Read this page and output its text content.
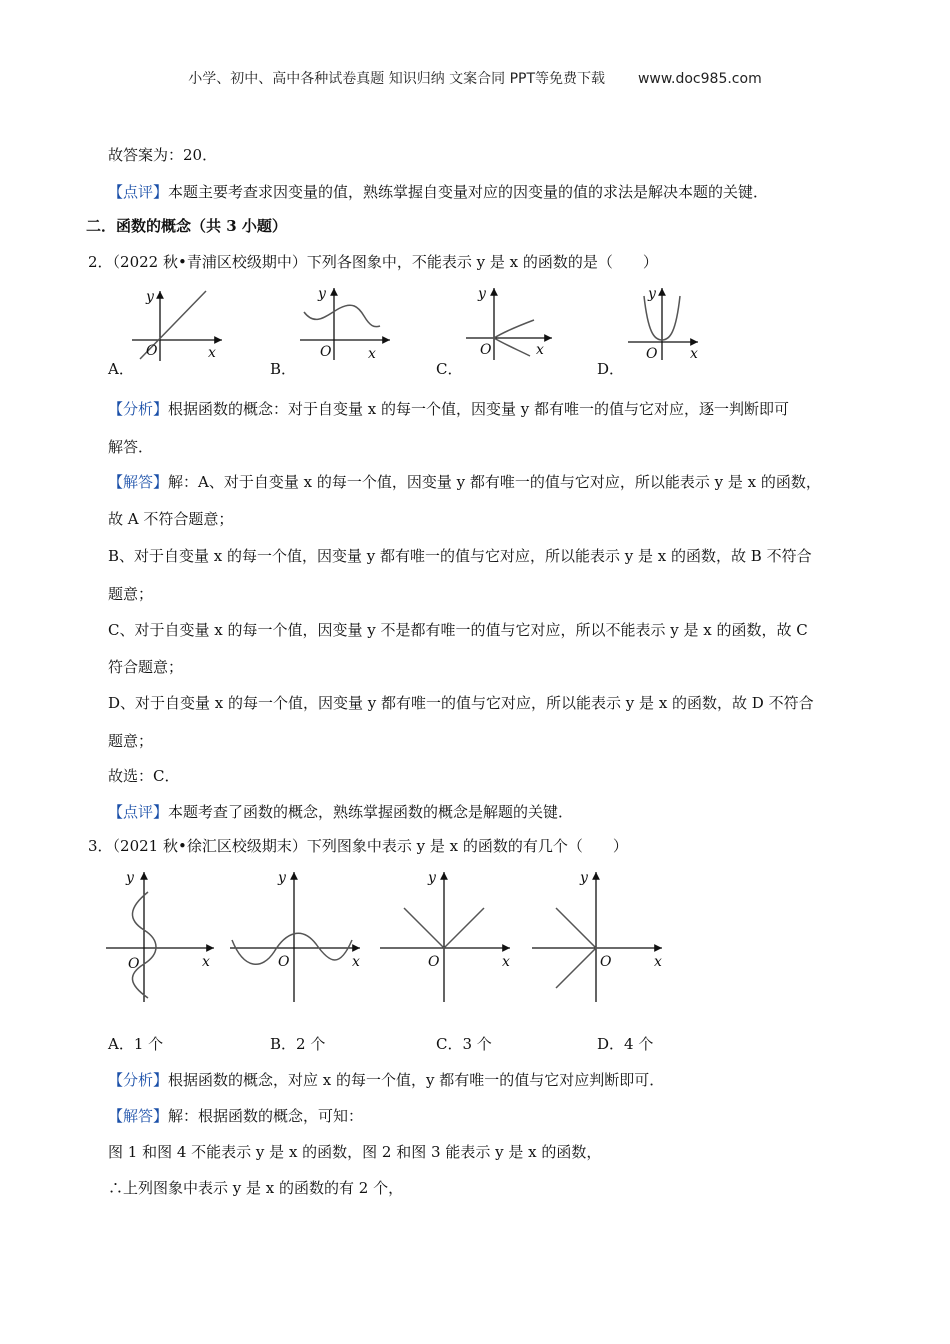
小学、初中、高中各种试卷真题 知识归纳 文案合同 PPT等免费下载 www.doc985.com
故答案为：20．
【点评】本题主要考查求因变量的值，熟练掌握自变量对应的因变量的值的求法是解决本题的关键．
二．函数的概念（共 3 小题）
2．（2022 秋•青浦区校级期中）下列各图象中，不能表示 y 是 x 的函数的是（　　）
y
x
O
A．
y
x
O
B．
y
x
O
C．
y
x
O
D．
【分析】根据函数的概念：对于自变量 x 的每一个值，因变量 y 都有唯一的值与它对应，逐一判断即可
解答．
【解答】解：A、对于自变量 x 的每一个值，因变量 y 都有唯一的值与它对应，所以能表示 y 是 x 的函数，
故 A 不符合题意；
B、对于自变量 x 的每一个值，因变量 y 都有唯一的值与它对应，所以能表示 y 是 x 的函数，故 B 不符合
题意；
C、对于自变量 x 的每一个值，因变量 y 不是都有唯一的值与它对应，所以不能表示 y 是 x 的函数，故 C
符合题意；
D、对于自变量 x 的每一个值，因变量 y 都有唯一的值与它对应，所以能表示 y 是 x 的函数，故 D 不符合
题意；
故选：C．
【点评】本题考查了函数的概念，熟练掌握函数的概念是解题的关键．
3．（2021 秋•徐汇区校级期末）下列图象中表示 y 是 x 的函数的有几个（　　）
y
x
O
y
x
O
y
x
O
y
x
O
A．1 个	B．2 个	C．3 个	D．4 个
【分析】根据函数的概念，对应 x 的每一个值，y 都有唯一的值与它对应判断即可．
【解答】解：根据函数的概念，可知：
图 1 和图 4 不能表示 y 是 x 的函数，图 2 和图 3 能表示 y 是 x 的函数，
∴上列图象中表示 y 是 x 的函数的有 2 个，
